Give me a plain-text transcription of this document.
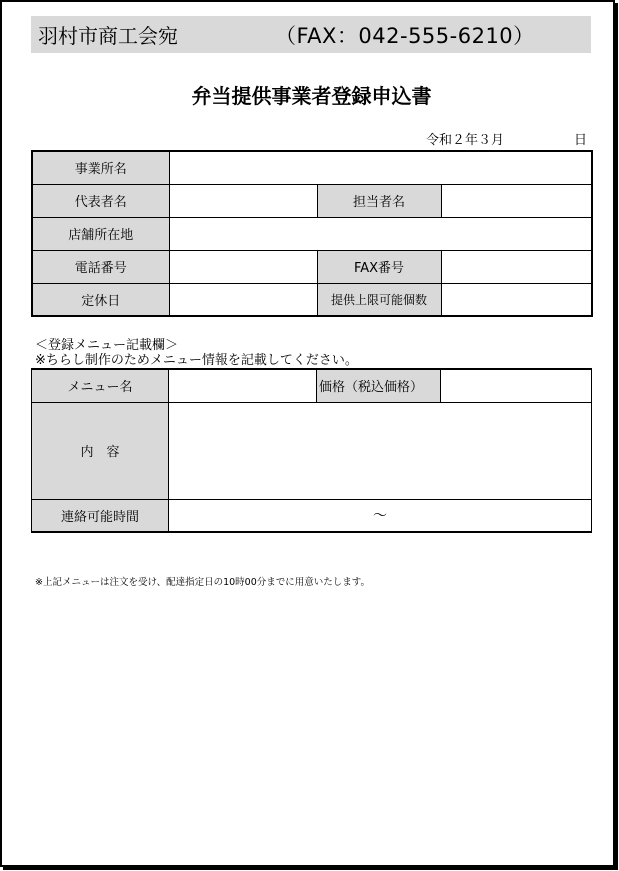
羽村市商工会宛	（FAX：042-555-6210）
弁当提供事業者登録申込書
令和２年３月	日
事業所名			
代表者名		担当者名	
店舗所在地			
電話番号		FAX番号	
定休日		提供上限可能個数	
＜登録メニュー記載欄＞
※ちらし制作のためメニュー情報を記載してください。
メニュー名		価格（税込価格）	
内　容			
連絡可能時間	～		
※上記メニューは注文を受け、配達指定日の10時00分までに用意いたします。
